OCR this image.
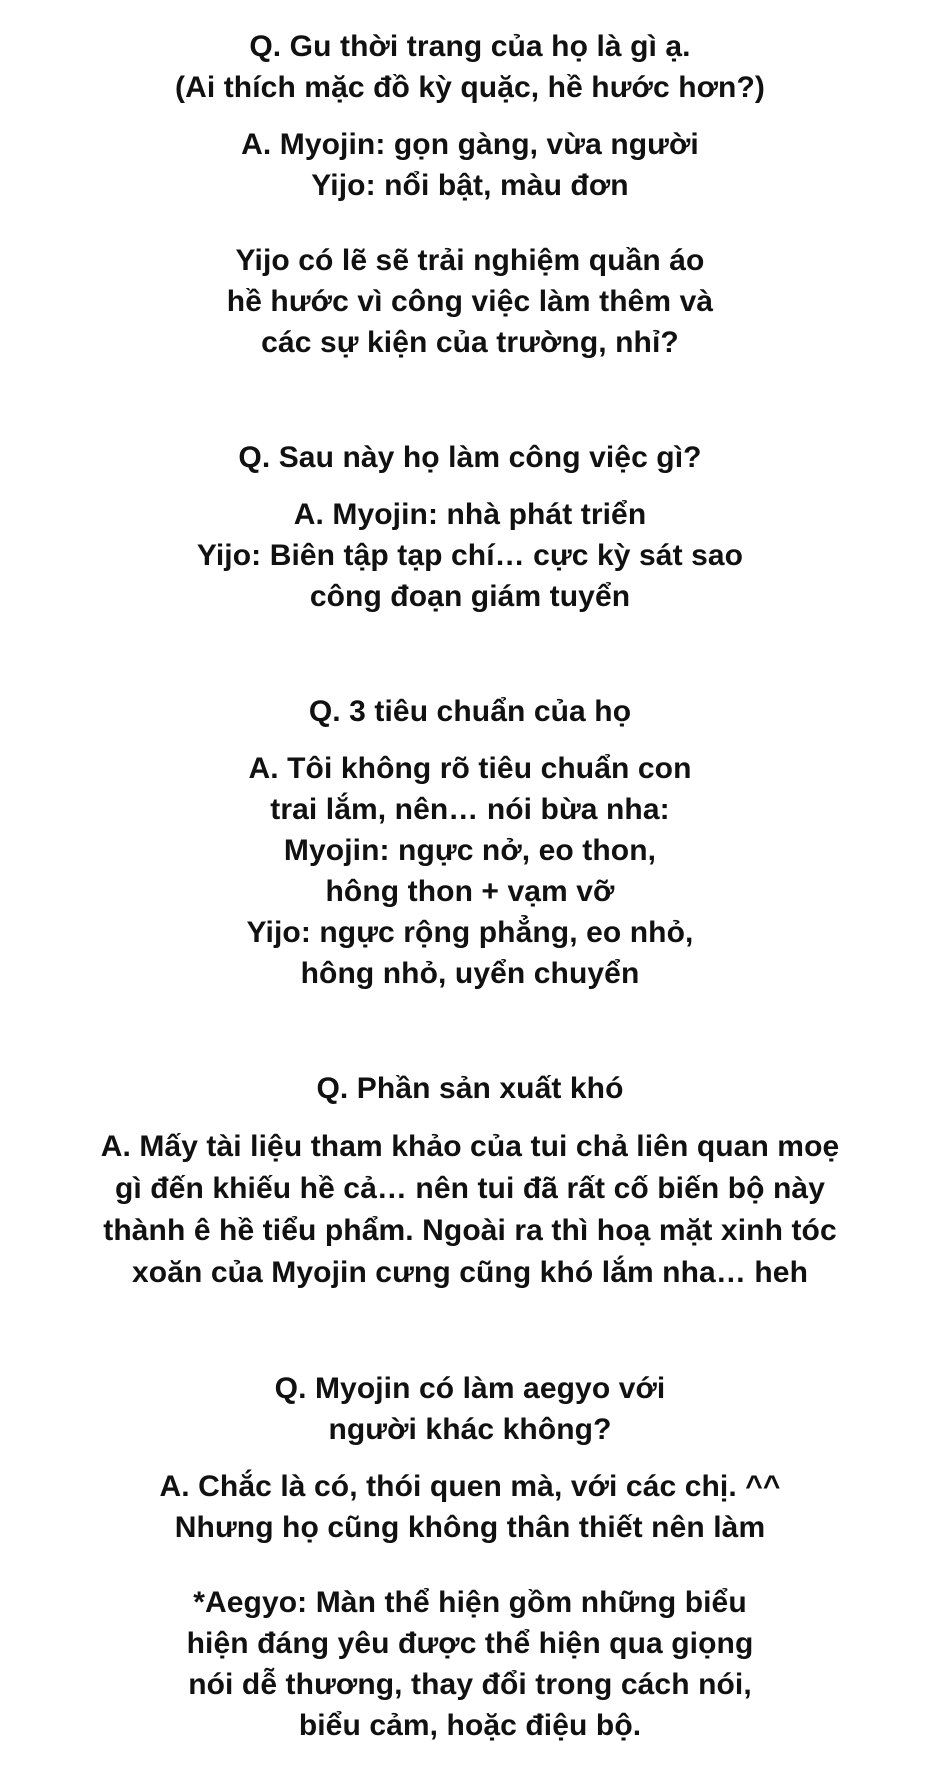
Q. Gu thời trang của họ là gì ạ.
(Ai thích mặc đồ kỳ quặc, hề hước hơn?)
A. Myojin: gọn gàng, vừa người
Yijo: nổi bật, màu đơn
Yijo có lẽ sẽ trải nghiệm quần áo
hề hước vì công việc làm thêm và
các sự kiện của trường, nhỉ?
Q. Sau này họ làm công việc gì?
A. Myojin: nhà phát triển
Yijo: Biên tập tạp chí… cực kỳ sát sao
công đoạn giám tuyển
Q. 3 tiêu chuẩn của họ
A. Tôi không rõ tiêu chuẩn con
trai lắm, nên… nói bừa nha:
Myojin: ngực nở, eo thon,
hông thon + vạm vỡ
Yijo: ngực rộng phẳng, eo nhỏ,
hông nhỏ, uyển chuyển
Q. Phần sản xuất khó
A. Mấy tài liệu tham khảo của tui chả liên quan moẹ
gì đến khiếu hề cả… nên tui đã rất cố biến bộ này
thành ê hề tiểu phẩm. Ngoài ra thì hoạ mặt xinh tóc
xoăn của Myojin cưng cũng khó lắm nha… heh
Q. Myojin có làm aegyo với
người khác không?
A. Chắc là có, thói quen mà, với các chị. ^^
Nhưng họ cũng không thân thiết nên làm
*Aegyo: Màn thể hiện gồm những biểu
hiện đáng yêu được thể hiện qua giọng
nói dễ thương, thay đổi trong cách nói,
biểu cảm, hoặc điệu bộ.
